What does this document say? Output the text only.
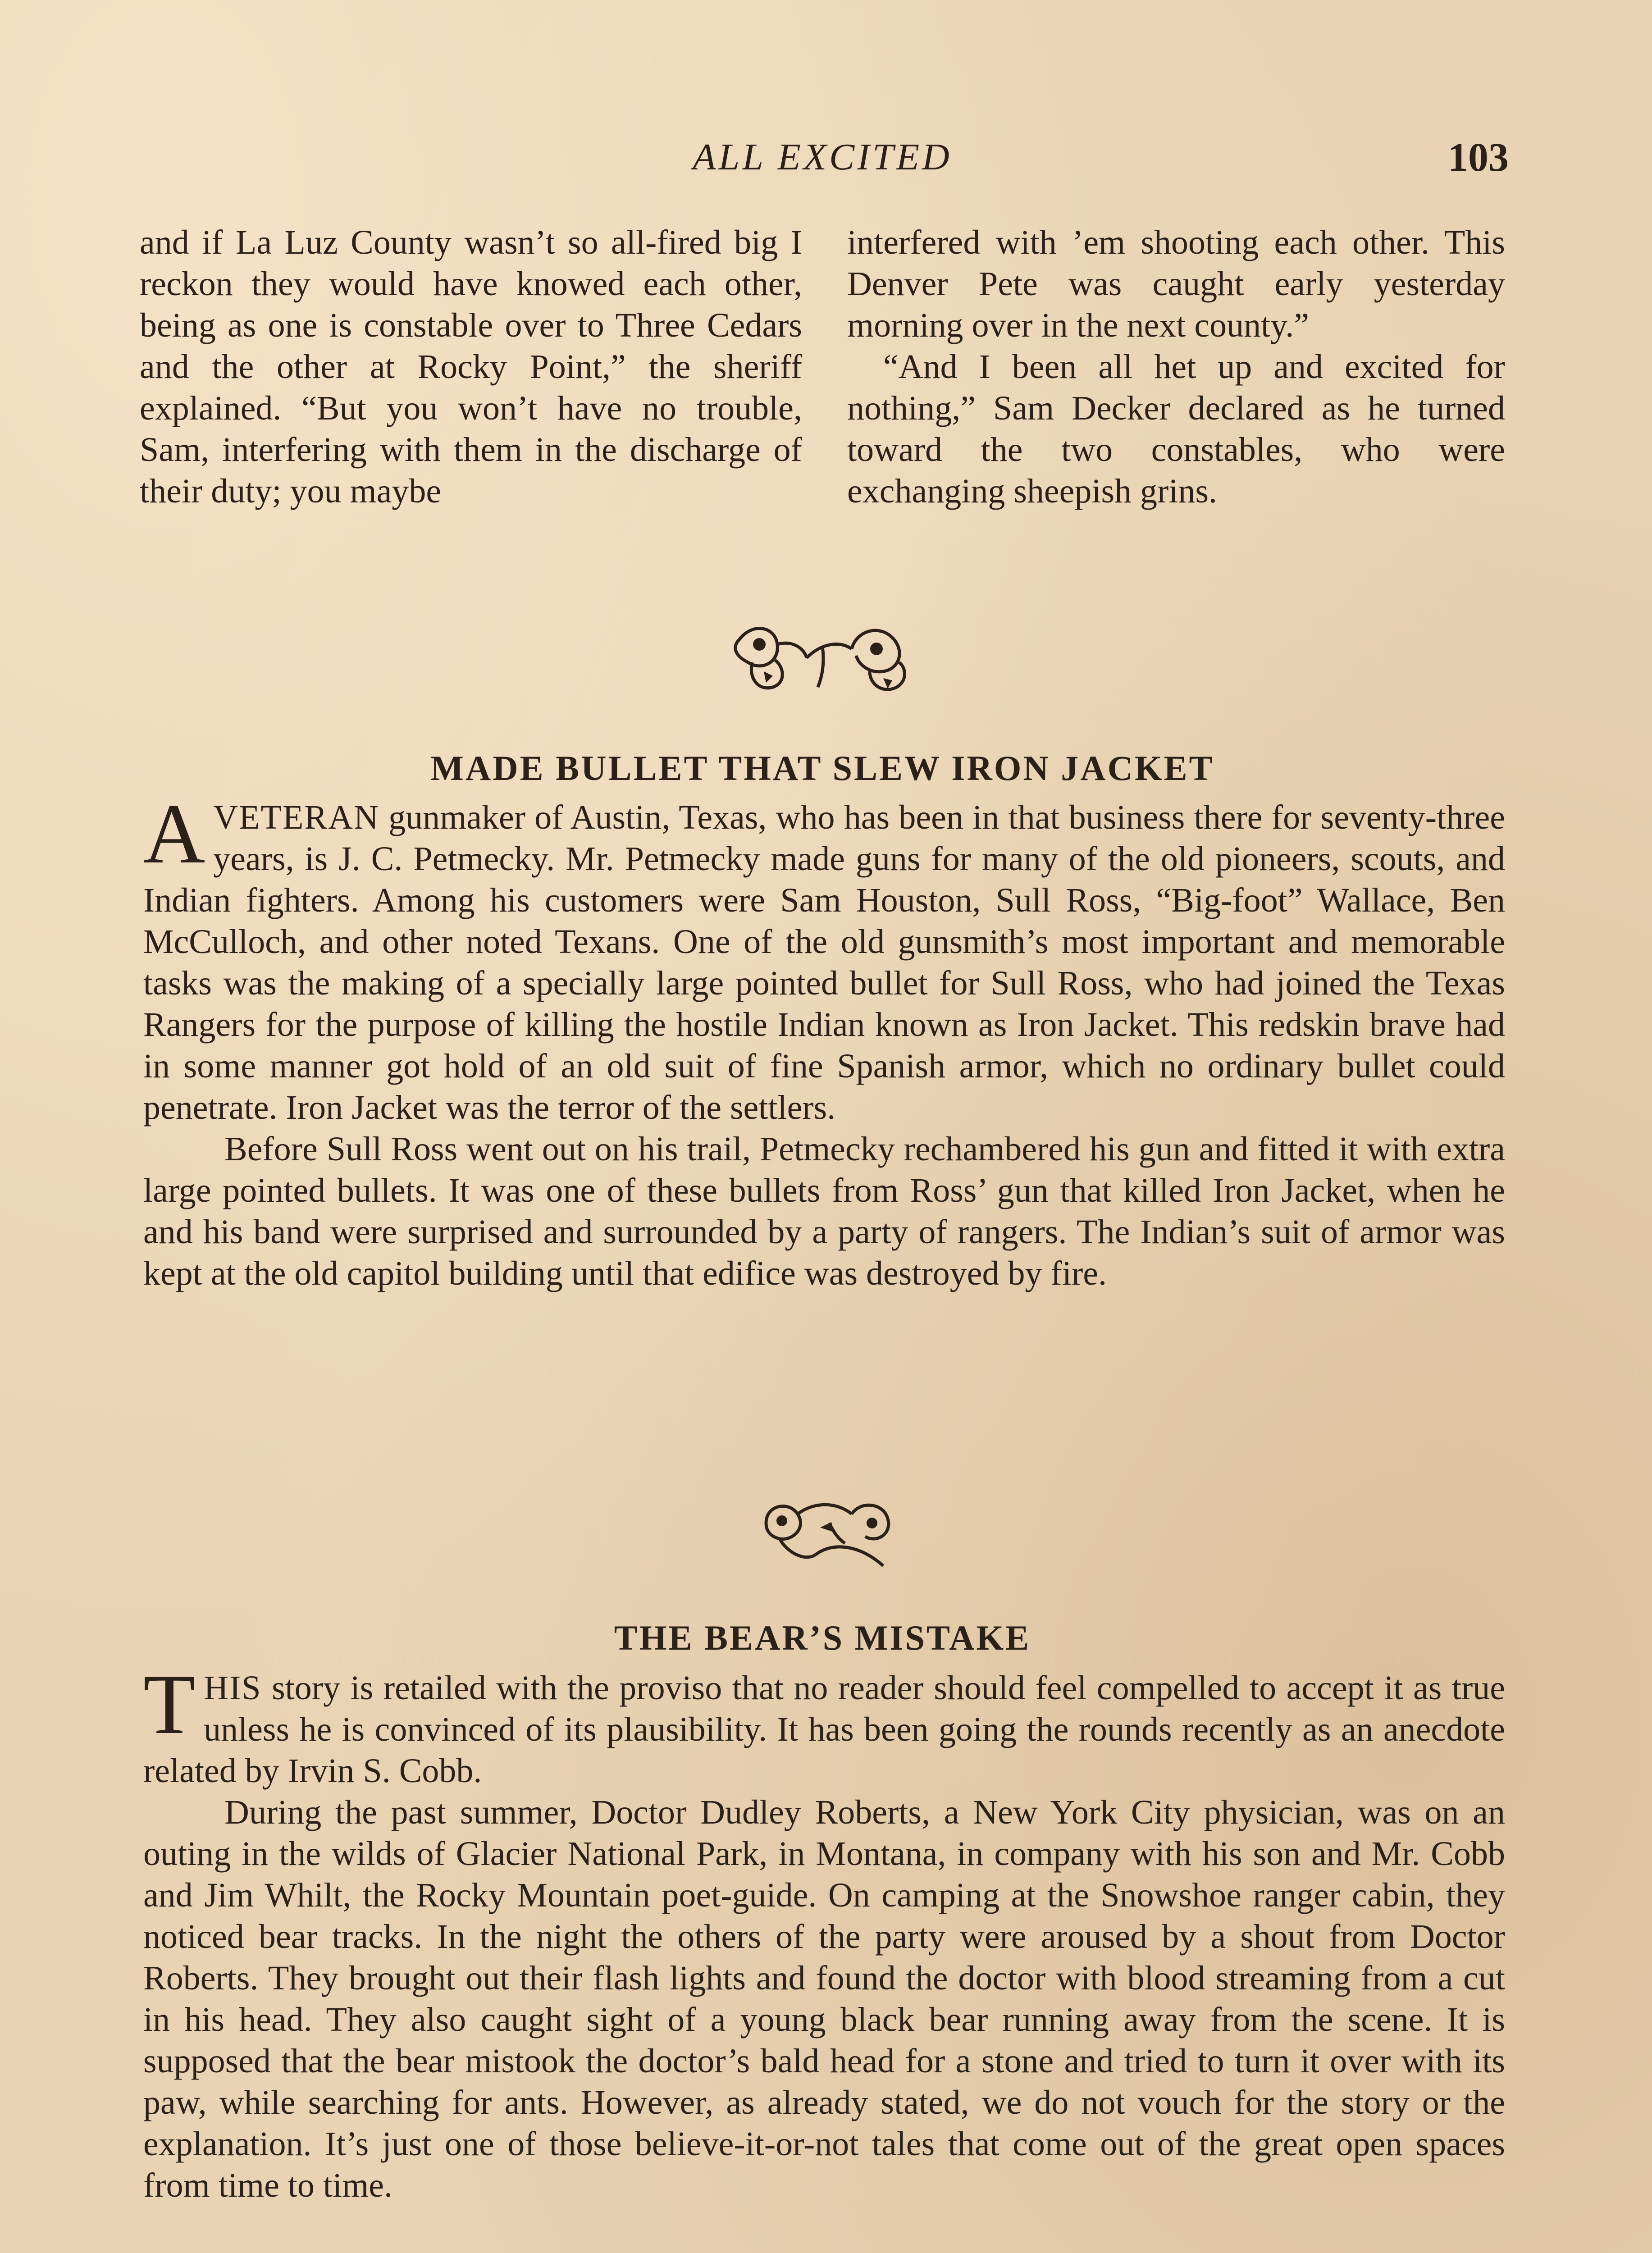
ALL EXCITED	103

and if La Luz County wasn’t so all-fired big I reckon they would have knowed each other, being as one is constable over to Three Cedars and the other at Rocky Point,” the sheriff explained. “But you won’t have no trouble, Sam, interfering with them in the discharge of their duty; you maybe

interfered with ’em shooting each other. This Denver Pete was caught early yesterday morning over in the next county.”

“And I been all het up and excited for nothing,” Sam Decker declared as he turned toward the two constables, who were exchanging sheepish grins.

MADE BULLET THAT SLEW IRON JACKET

AVETERAN gunmaker of Austin, Texas, who has been in that business there for seventy-three years, is J. C. Petmecky. Mr. Petmecky made guns for many of the old pioneers, scouts, and Indian fighters. Among his customers were Sam Houston, Sull Ross, “Big-foot” Wallace, Ben McCulloch, and other noted Texans. One of the old gunsmith’s most important and memorable tasks was the making of a specially large pointed bullet for Sull Ross, who had joined the Texas Rangers for the purpose of killing the hostile Indian known as Iron Jacket. This redskin brave had in some manner got hold of an old suit of fine Spanish armor, which no ordinary bullet could penetrate. Iron Jacket was the terror of the settlers.

Before Sull Ross went out on his trail, Petmecky rechambered his gun and fitted it with extra large pointed bullets. It was one of these bullets from Ross’ gun that killed Iron Jacket, when he and his band were surprised and surrounded by a party of rangers. The Indian’s suit of armor was kept at the old capitol building until that edifice was destroyed by fire.

THE BEAR’S MISTAKE

THIS story is retailed with the proviso that no reader should feel compelled to accept it as true unless he is convinced of its plausibility. It has been going the rounds recently as an anecdote related by Irvin S. Cobb.

During the past summer, Doctor Dudley Roberts, a New York City physician, was on an outing in the wilds of Glacier National Park, in Montana, in company with his son and Mr. Cobb and Jim Whilt, the Rocky Mountain poet-guide. On camping at the Snowshoe ranger cabin, they noticed bear tracks. In the night the others of the party were aroused by a shout from Doctor Roberts. They brought out their flash lights and found the doctor with blood streaming from a cut in his head. They also caught sight of a young black bear running away from the scene. It is supposed that the bear mistook the doctor’s bald head for a stone and tried to turn it over with its paw, while searching for ants. However, as already stated, we do not vouch for the story or the explanation. It’s just one of those believe-it-or-not tales that come out of the great open spaces from time to time.
